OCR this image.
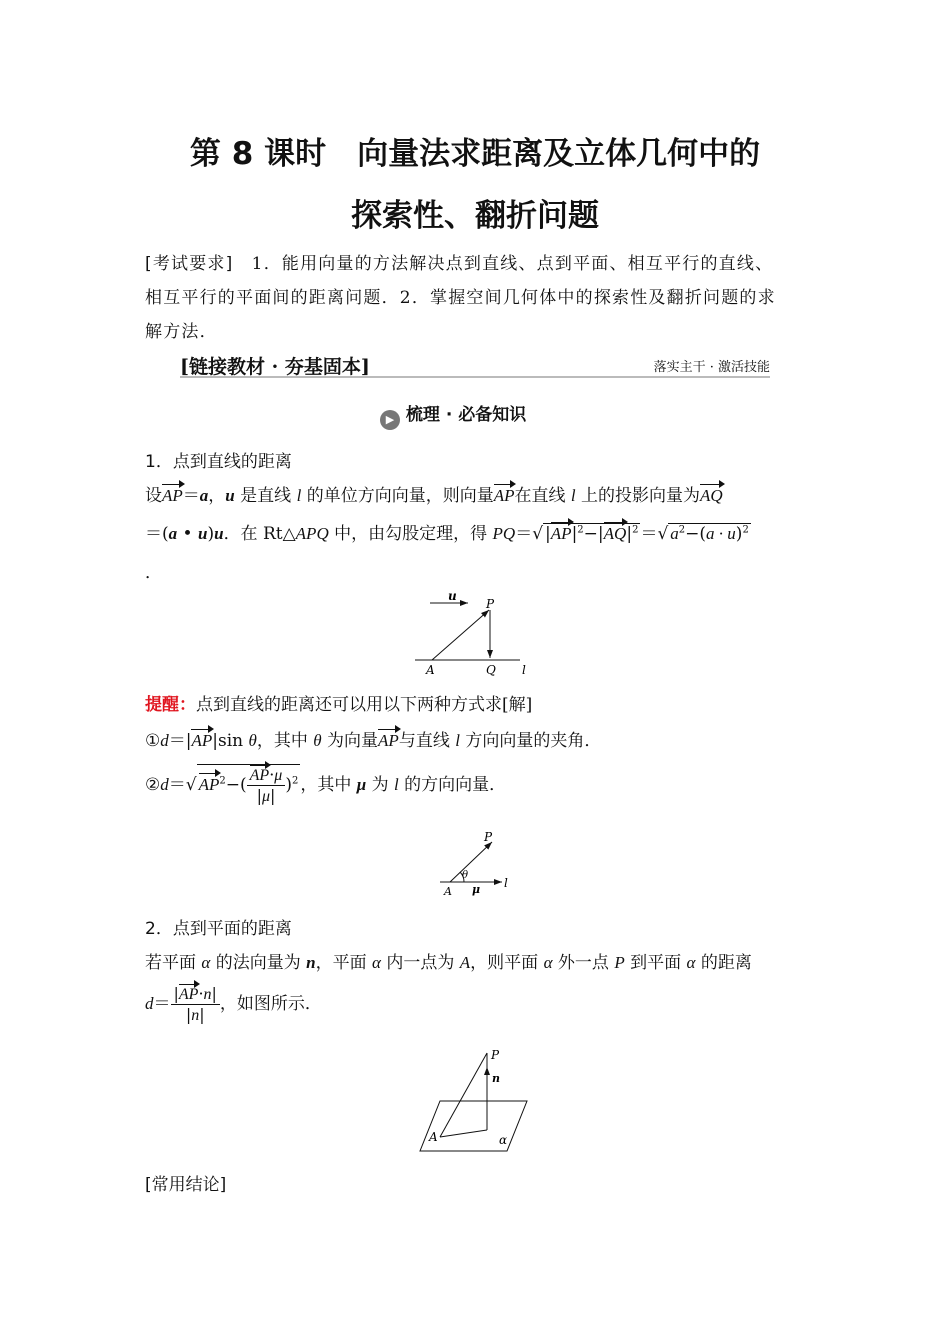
第 8 课时　向量法求距离及立体几何中的
探索性、翻折问题
[考试要求]　 1．能用向量的方法解决点到直线、点到平面、相互平行的直线、
相互平行的平面间的距离问题．2．掌握空间几何体中的探索性及翻折问题的求
解方法．
[链接教材 · 夯基固本]	落实主干 · 激活技能
▶ 梳理 · 必备知识
1．点到直线的距离
设AP＝a，u 是直线 l 的单位方向向量，则向量AP在直线 l 上的投影向量为AQ
＝(a • u)u．在 Rt△APQ 中，由勾股定理，得 PQ＝√ $|AP|^2-|AQ|^2$ ＝√ $a^2-(a \cdot u)^2$
．
u
P
A	Q l
提醒：点到直线的距离还可以用以下两种方式求[解]
①d＝|AP|sin θ，其中 θ 为向量AP与直线 l 方向向量的夹角．
②d＝√ $AP^2-( \frac{AP\cdot\mu}{|\mu|} )^2$ ，其中 μ 为 l 的方向向量．
P
A
θ
μ l
2．点到平面的距离
若平面 α 的法向量为 n，平面 α 内一点为 A，则平面 α 外一点 P 到平面 α 的距离
$d= \frac{|AP\cdot n|}{|n|}$ ，如图所示．
P
n
A	α
[常用结论]
